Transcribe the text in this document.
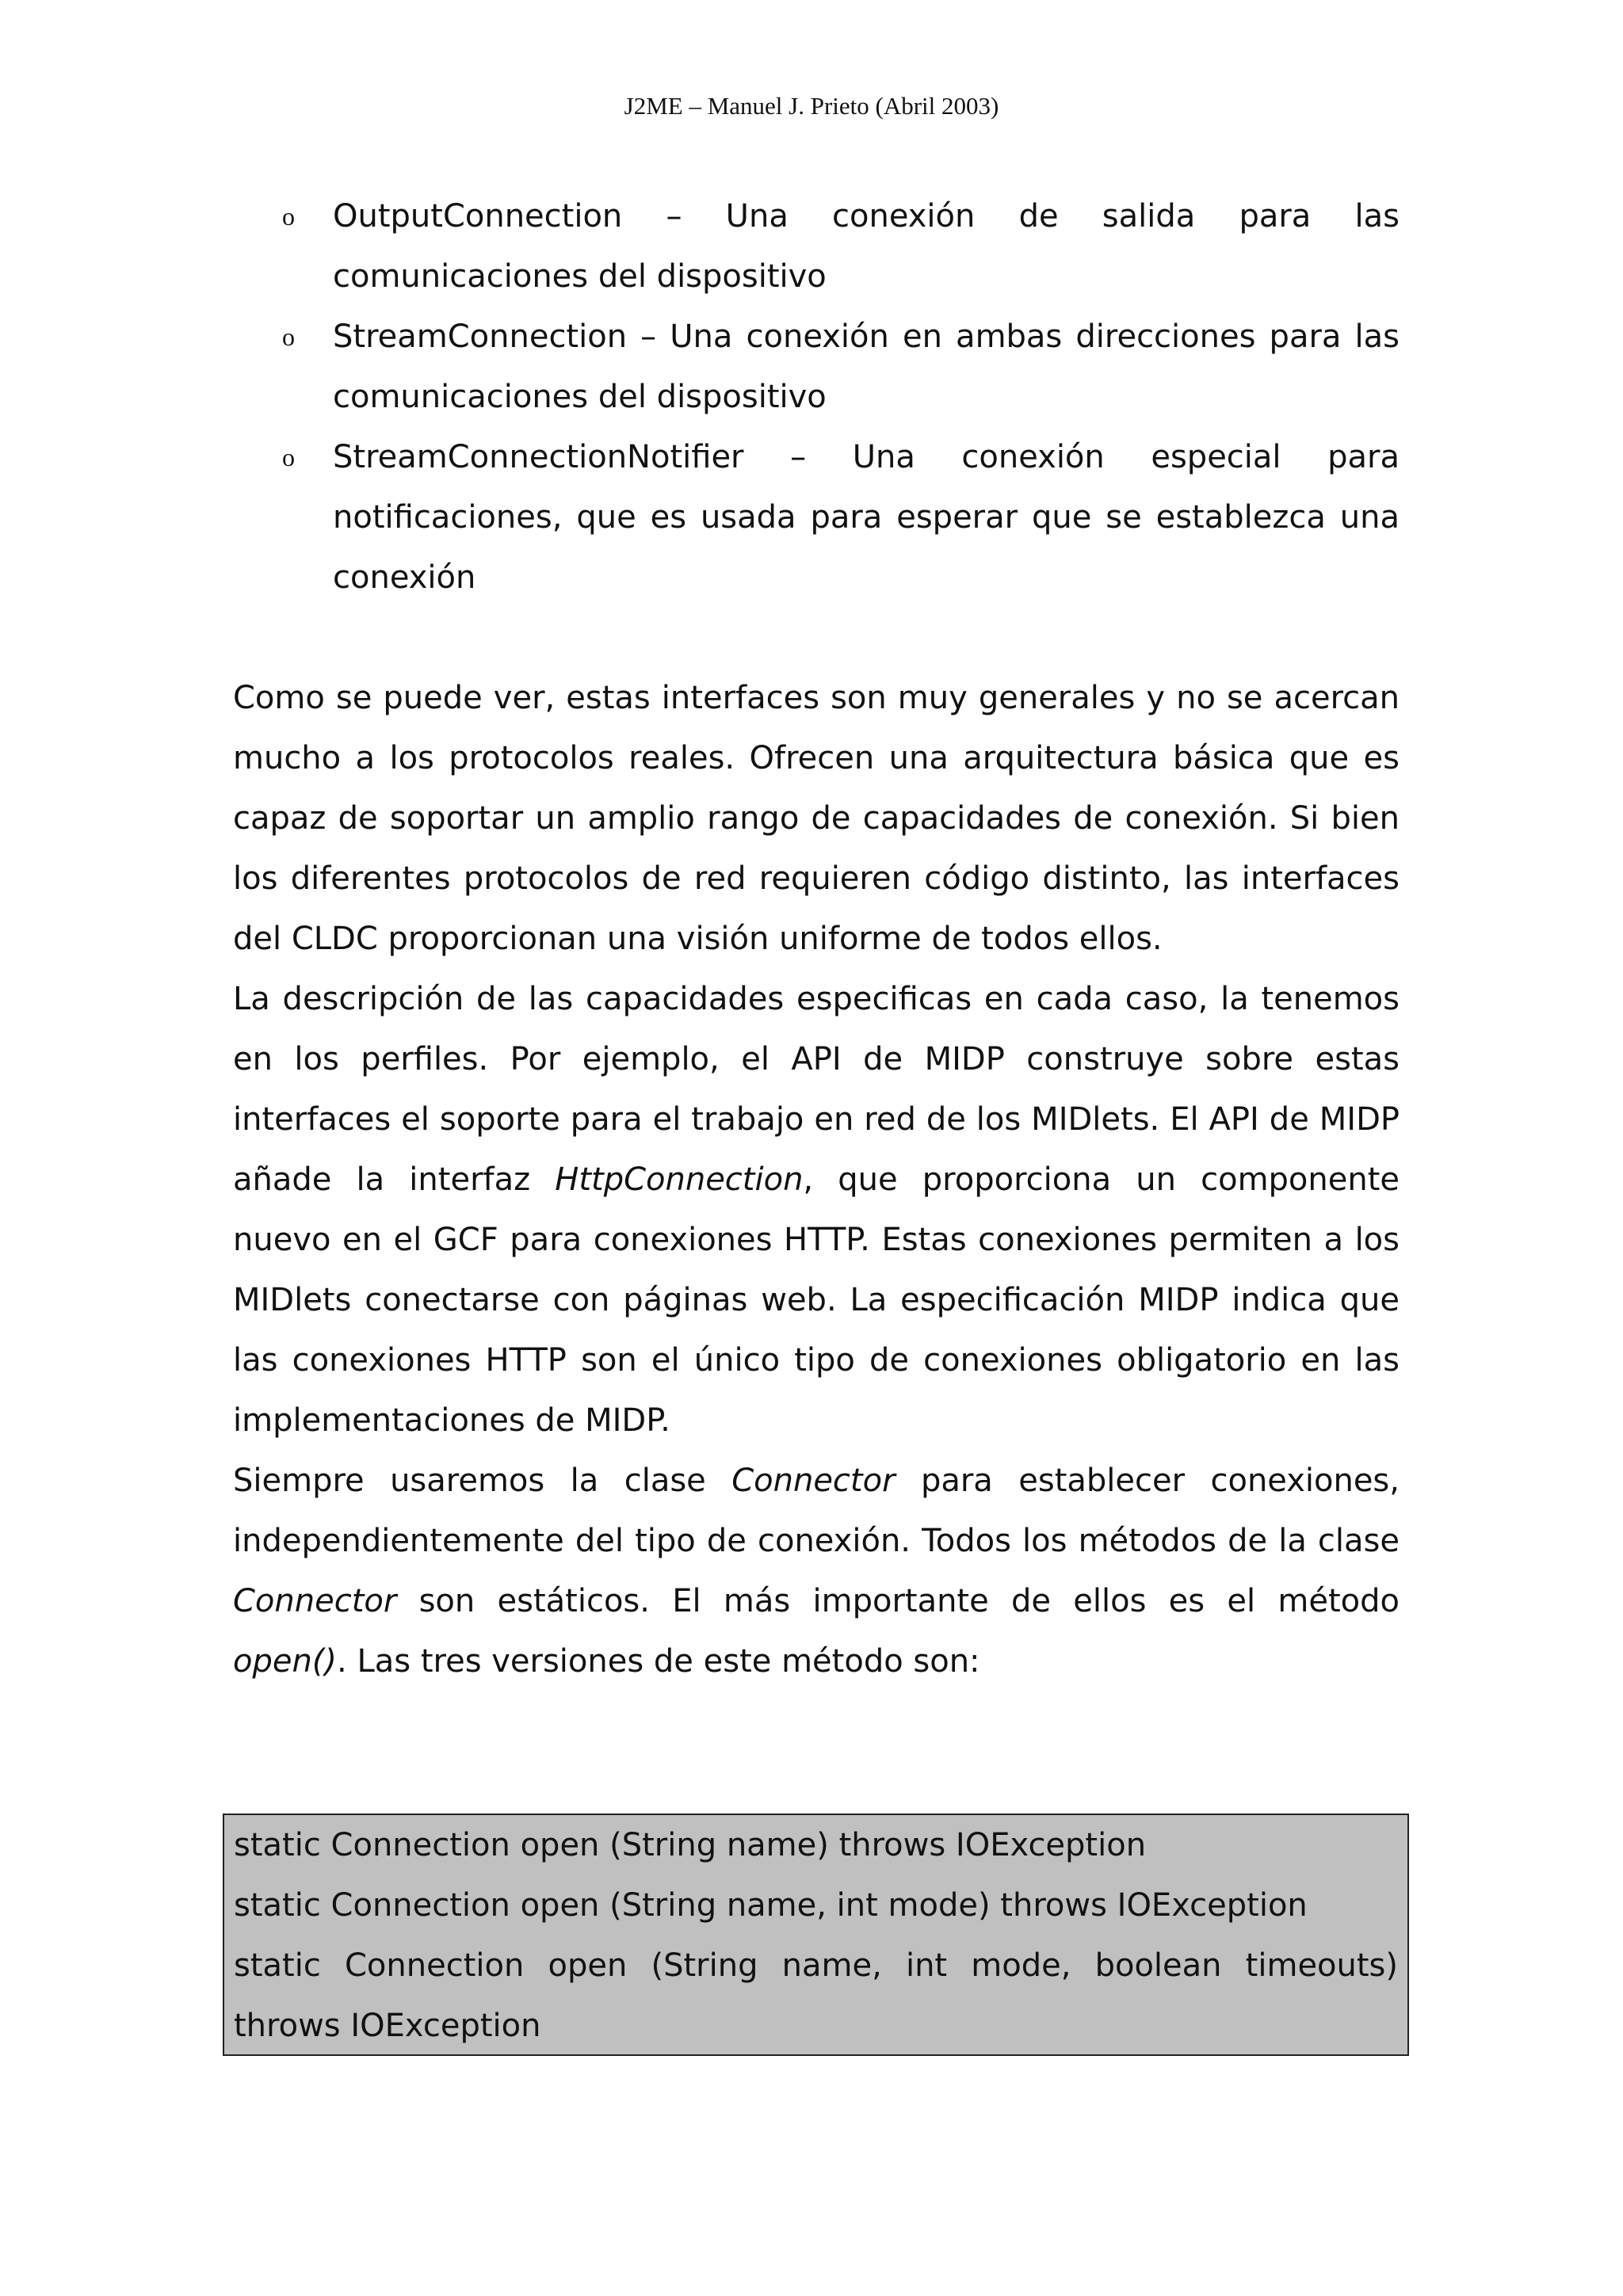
J2ME – Manuel J. Prieto (Abril 2003)
o OutputConnection – Una conexión de salida para las comunicaciones del dispositivo
o StreamConnection – Una conexión en ambas direcciones para las comunicaciones del dispositivo
o StreamConnectionNotifier – Una conexión especial para notificaciones, que es usada para esperar que se establezca una conexión

Como se puede ver, estas interfaces son muy generales y no se acercan mucho a los protocolos reales. Ofrecen una arquitectura básica que es capaz de soportar un amplio rango de capacidades de conexión. Si bien los diferentes protocolos de red requieren código distinto, las interfaces del CLDC proporcionan una visión uniforme de todos ellos.

La descripción de las capacidades especificas en cada caso, la tenemos en los perfiles. Por ejemplo, el API de MIDP construye sobre estas interfaces el soporte para el trabajo en red de los MIDlets. El API de MIDP añade la interfaz HttpConnection, que proporciona un componente nuevo en el GCF para conexiones HTTP. Estas conexiones permiten a los MIDlets conectarse con páginas web. La especificación MIDP indica que las conexiones HTTP son el único tipo de conexiones obligatorio en las implementaciones de MIDP.

Siempre usaremos la clase Connector para establecer conexiones, independientemente del tipo de conexión. Todos los métodos de la clase Connector son estáticos. El más importante de ellos es el método open(). Las tres versiones de este método son:

static Connection open (String name) throws IOException
static Connection open (String name, int mode) throws IOException
static Connection open (String name, int mode, boolean timeouts)
throws IOException
